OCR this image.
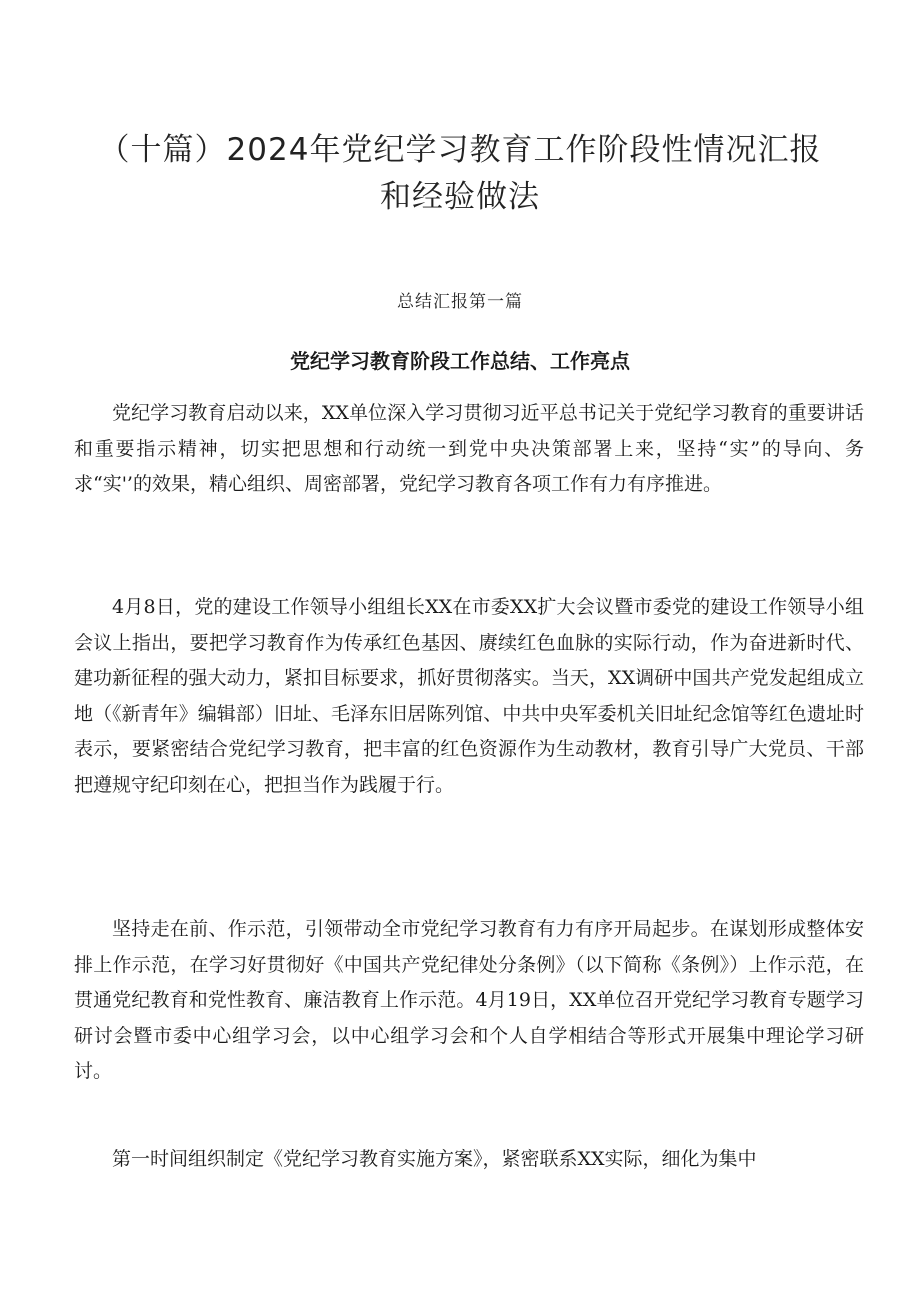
（十篇）2024年党纪学习教育工作阶段性情况汇报
和经验做法
总结汇报第一篇
党纪学习教育阶段工作总结、工作亮点

党纪学习教育启动以来，XX单位深入学习贯彻习近平总书记关于党纪学习教育的重要讲话和重要指示精神，切实把思想和行动统一到党中央决策部署上来，坚持“实”的导向、务求“实'’的效果，精心组织、周密部署，党纪学习教育各项工作有力有序推进。

4月8日，党的建设工作领导小组组长XX在市委XX扩大会议暨市委党的建设工作领导小组会议上指出，要把学习教育作为传承红色基因、赓续红色血脉的实际行动，作为奋进新时代、建功新征程的强大动力，紧扣目标要求，抓好贯彻落实。当天，XX调研中国共产党发起组成立地（《新青年》编辑部）旧址、毛泽东旧居陈列馆、中共中央军委机关旧址纪念馆等红色遗址时表示，要紧密结合党纪学习教育，把丰富的红色资源作为生动教材，教育引导广大党员、干部把遵规守纪印刻在心，把担当作为践履于行。

坚持走在前、作示范，引领带动全市党纪学习教育有力有序开局起步。在谋划形成整体安排上作示范，在学习好贯彻好《中国共产党纪律处分条例》（以下简称《条例》）上作示范，在贯通党纪教育和党性教育、廉洁教育上作示范。4月19日，XX单位召开党纪学习教育专题学习研讨会暨市委中心组学习会，以中心组学习会和个人自学相结合等形式开展集中理论学习研讨。

第一时间组织制定《党纪学习教育实施方案》，紧密联系XX实际，细化为集中
